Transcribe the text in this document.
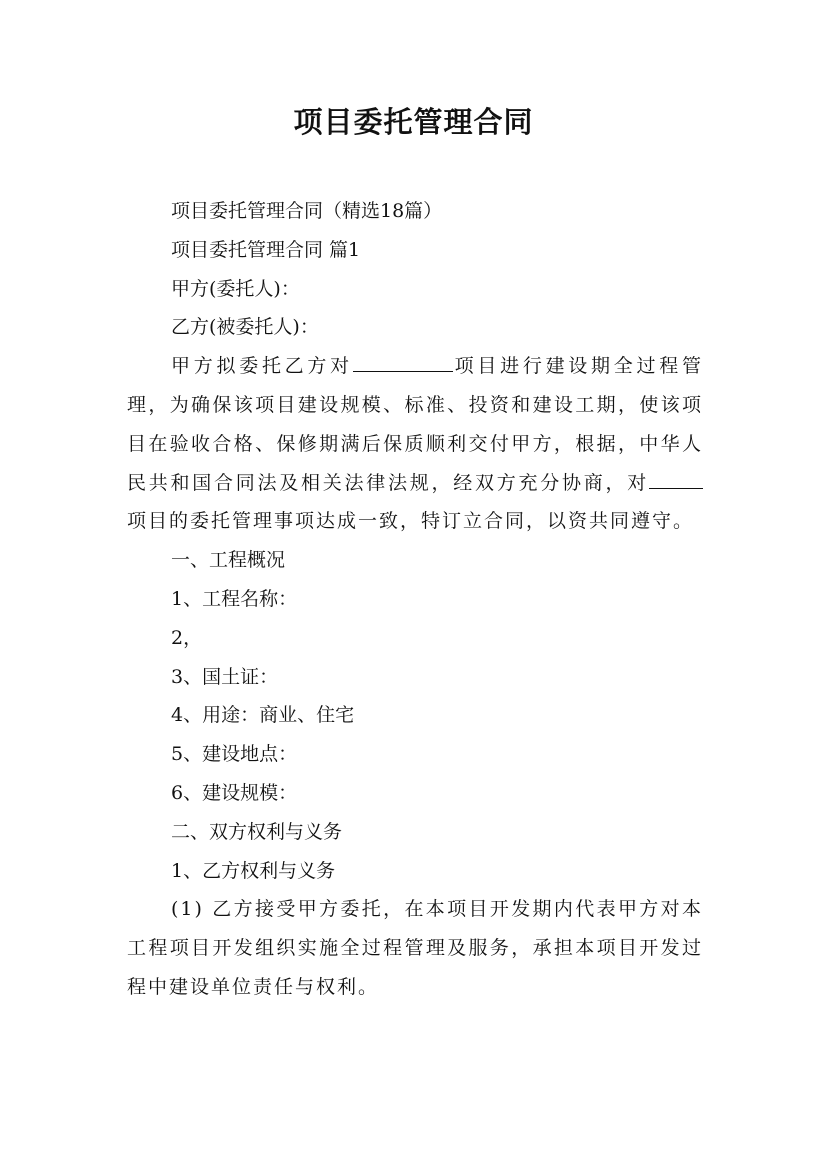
项目委托管理合同

项目委托管理合同（精选18篇）

项目委托管理合同 篇1

甲方(委托人)：

乙方(被委托人)：

甲方拟委托乙方对	项目进行建设期全过程管理，为确保该项目建设规模、标准、投资和建设工期，使该项目在验收合格、保修期满后保质顺利交付甲方，根据，中华人民共和国合同法及相关法律法规，经双方充分协商，对项目的委托管理事项达成一致，特订立合同，以资共同遵守。

一、工程概况

1、工程名称：

2，

3、国土证：

4、用途：商业、住宅

5、建设地点：

6、建设规模：

二、双方权利与义务

1、乙方权利与义务

(1) 乙方接受甲方委托，在本项目开发期内代表甲方对本工程项目开发组织实施全过程管理及服务，承担本项目开发过程中建设单位责任与权利。
